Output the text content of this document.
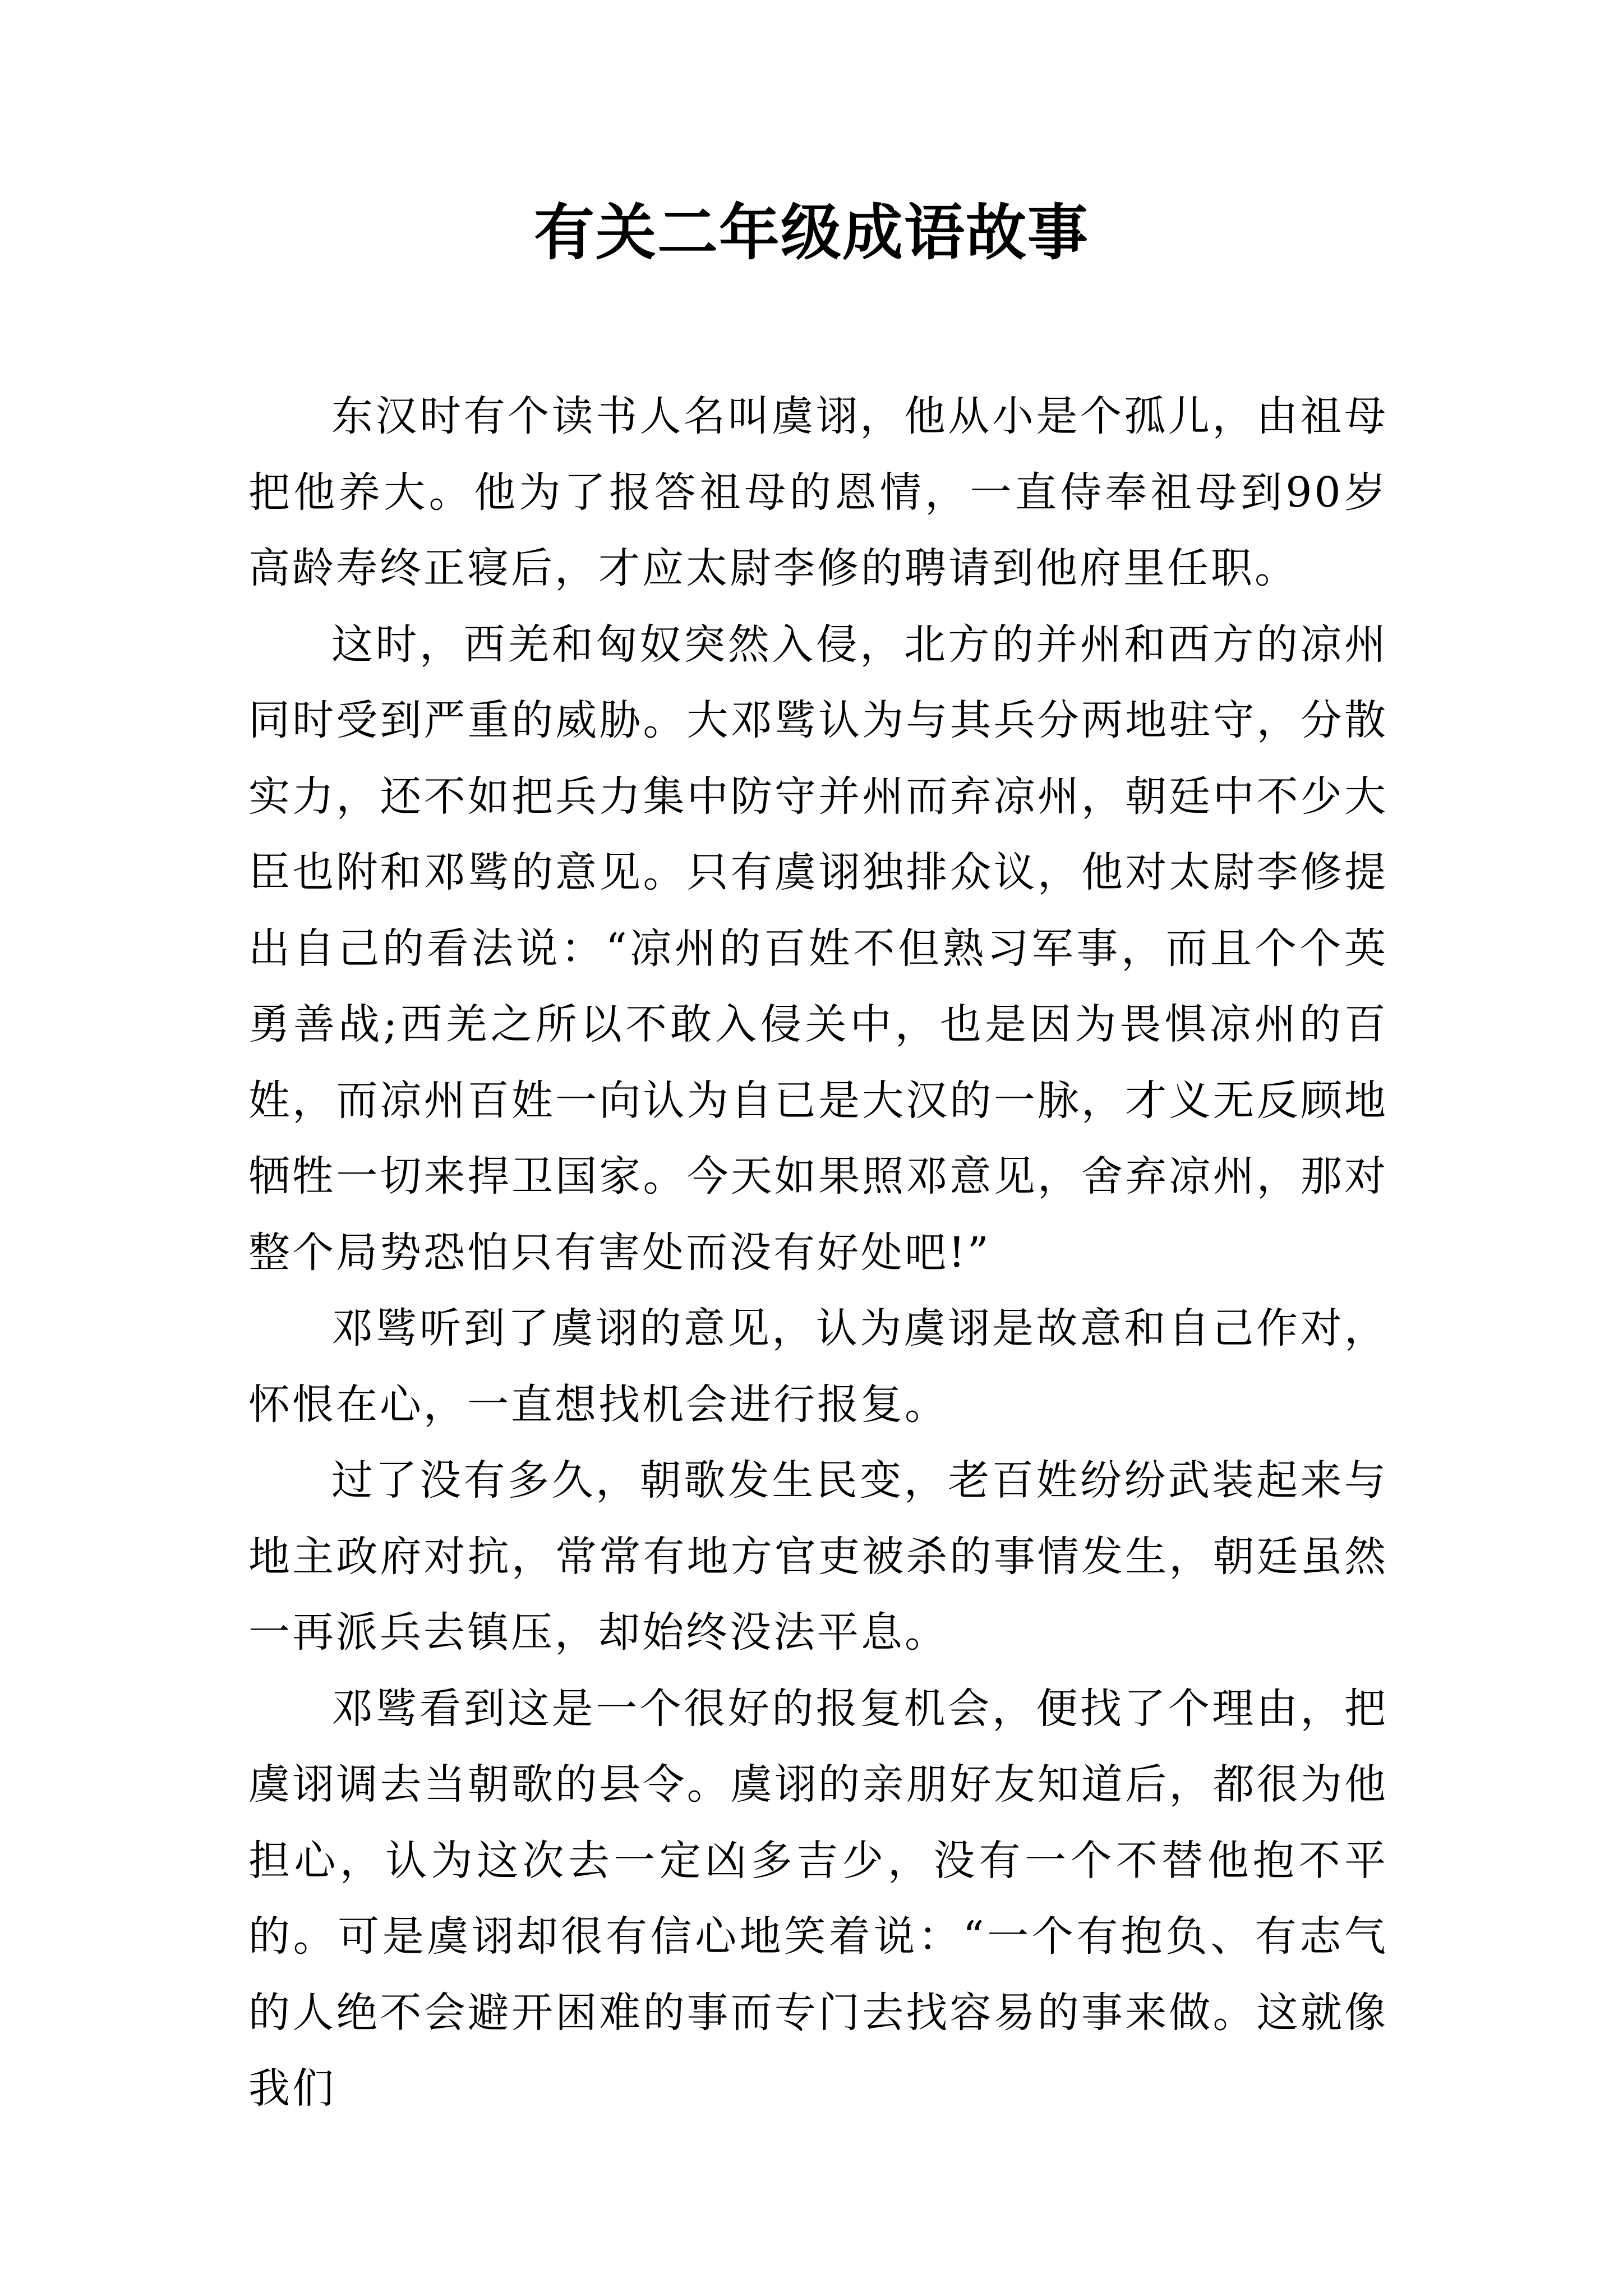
有关二年级成语故事

东汉时有个读书人名叫虞诩，他从小是个孤儿，由祖母把他养大。他为了报答祖母的恩情，一直侍奉祖母到90岁高龄寿终正寝后，才应太尉李修的聘请到他府里任职。

这时，西羌和匈奴突然入侵，北方的并州和西方的凉州同时受到严重的威胁。大邓骘认为与其兵分两地驻守，分散实力，还不如把兵力集中防守并州而弃凉州，朝廷中不少大臣也附和邓骘的意见。只有虞诩独排众议，他对太尉李修提出自己的看法说：“凉州的百姓不但熟习军事，而且个个英勇善战;西羌之所以不敢入侵关中，也是因为畏惧凉州的百姓，而凉州百姓一向认为自已是大汉的一脉，才义无反顾地牺牲一切来捍卫国家。今天如果照邓意见，舍弃凉州，那对整个局势恐怕只有害处而没有好处吧!”

邓骘听到了虞诩的意见，认为虞诩是故意和自己作对，怀恨在心，一直想找机会进行报复。

过了没有多久，朝歌发生民变，老百姓纷纷武装起来与地主政府对抗，常常有地方官吏被杀的事情发生，朝廷虽然一再派兵去镇压，却始终没法平息。

邓骘看到这是一个很好的报复机会，便找了个理由，把虞诩调去当朝歌的县令。虞诩的亲朋好友知道后，都很为他担心，认为这次去一定凶多吉少，没有一个不替他抱不平的。可是虞诩却很有信心地笑着说：“一个有抱负、有志气的人绝不会避开困难的事而专门去找容易的事来做。这就像我们
